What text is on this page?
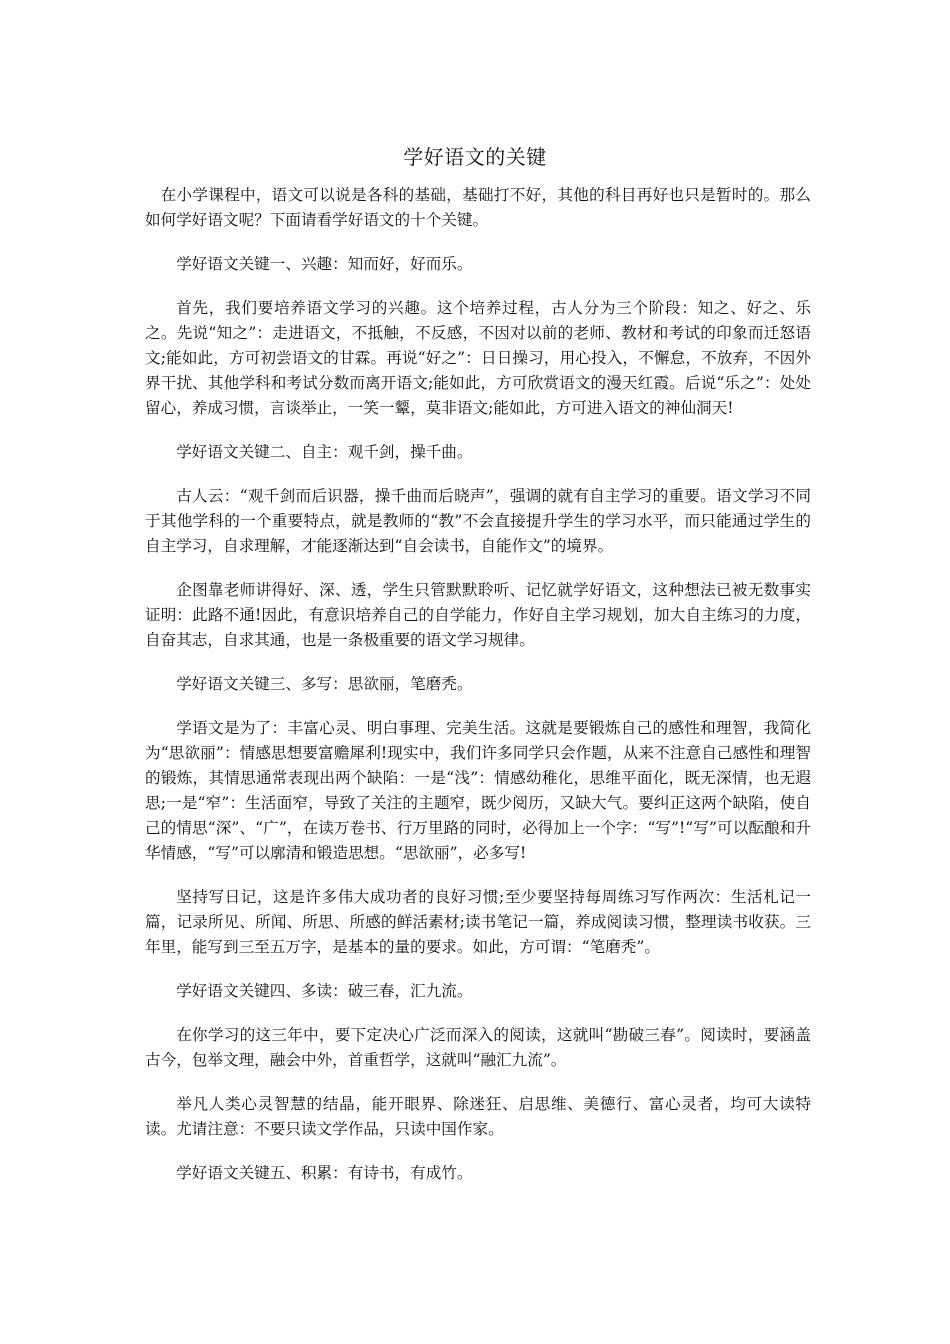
学好语文的关键

在小学课程中，语文可以说是各科的基础，基础打不好，其他的科目再好也只是暂时的。那么如何学好语文呢？下面请看学好语文的十个关键。

学好语文关键一、兴趣：知而好，好而乐。

首先，我们要培养语文学习的兴趣。这个培养过程，古人分为三个阶段：知之、好之、乐之。先说“知之”：走进语文，不抵触，不反感，不因对以前的老师、教材和考试的印象而迁怒语文;能如此，方可初尝语文的甘霖。再说“好之”：日日操习，用心投入，不懈怠，不放弃，不因外界干扰、其他学科和考试分数而离开语文;能如此，方可欣赏语文的漫天红霞。后说“乐之”：处处留心，养成习惯，言谈举止，一笑一颦，莫非语文;能如此，方可进入语文的神仙洞天!

学好语文关键二、自主：观千剑，操千曲。

古人云：“观千剑而后识器，操千曲而后晓声”，强调的就有自主学习的重要。语文学习不同于其他学科的一个重要特点，就是教师的“教”不会直接提升学生的学习水平，而只能通过学生的自主学习，自求理解，才能逐渐达到“自会读书，自能作文”的境界。

企图靠老师讲得好、深、透，学生只管默默聆听、记忆就学好语文，这种想法已被无数事实证明：此路不通!因此，有意识培养自己的自学能力，作好自主学习规划，加大自主练习的力度，自奋其志，自求其通，也是一条极重要的语文学习规律。

学好语文关键三、多写：思欲丽，笔磨秃。

学语文是为了：丰富心灵、明白事理、完美生活。这就是要锻炼自己的感性和理智，我简化为“思欲丽”：情感思想要富赡犀利!现实中，我们许多同学只会作题，从来不注意自己感性和理智的锻炼，其情思通常表现出两个缺陷：一是“浅”：情感幼稚化，思维平面化，既无深情，也无遐思;一是“窄”：生活面窄，导致了关注的主题窄，既少阅历，又缺大气。要纠正这两个缺陷，使自己的情思“深”、“广”，在读万卷书、行万里路的同时，必得加上一个字：“写”!“写”可以酝酿和升华情感，“写”可以廓清和锻造思想。“思欲丽”，必多写!

坚持写日记，这是许多伟大成功者的良好习惯;至少要坚持每周练习写作两次：生活札记一篇，记录所见、所闻、所思、所感的鲜活素材;读书笔记一篇，养成阅读习惯，整理读书收获。三年里，能写到三至五万字，是基本的量的要求。如此，方可谓：“笔磨秃”。

学好语文关键四、多读：破三春，汇九流。

在你学习的这三年中，要下定决心广泛而深入的阅读，这就叫“勘破三春”。阅读时，要涵盖古今，包举文理，融会中外，首重哲学，这就叫“融汇九流”。

举凡人类心灵智慧的结晶，能开眼界、除迷狂、启思维、美德行、富心灵者，均可大读特读。尤请注意：不要只读文学作品，只读中国作家。

学好语文关键五、积累：有诗书，有成竹。
